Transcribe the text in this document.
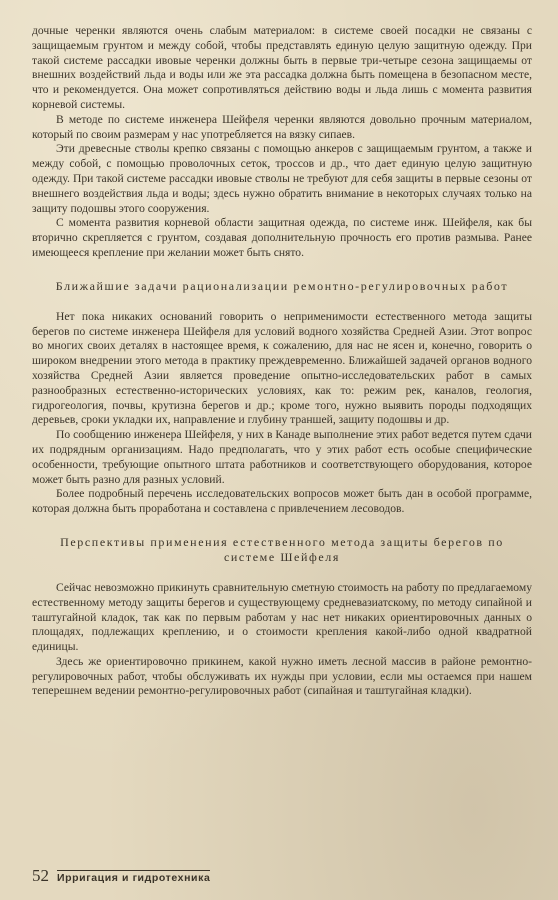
дочные черенки являются очень слабым материалом: в системе своей посадки не связаны с защищаемым грунтом и между собой, чтобы представлять единую целую защитную одежду. При такой системе рассадки ивовые черенки должны быть в первые три-четыре сезона защищаемы от внешних воздействий льда и воды или же эта рассадка должна быть помещена в безопасном месте, что и рекомендуется. Она может сопротивляться действию воды и льда лишь с момента развития корневой системы.

В методе по системе инженера Шейфеля черенки являются довольно прочным материалом, который по своим размерам у нас употребляется на вязку сипаев.

Эти древесные стволы крепко связаны с помощью анкеров с защищаемым грунтом, а также и между собой, с помощью проволочных сеток, троссов и др., что дает единую целую защитную одежду. При такой системе рассадки ивовые стволы не требуют для себя защиты в первые сезоны от внешнего воздействия льда и воды; здесь нужно обратить внимание в некоторых случаях только на защиту подошвы этого сооружения.

С момента развития корневой области защитная одежда, по системе инж. Шейфеля, как бы вторично скрепляется с грунтом, создавая дополнительную прочность его против размыва. Ранее имеющееся крепление при желании может быть снято.

Ближайшие задачи рационализации ремонтно-регулировочных работ

Нет пока никаких оснований говорить о неприменимости естественного метода защиты берегов по системе инженера Шейфеля для условий водного хозяйства Средней Азии. Этот вопрос во многих своих деталях в настоящее время, к сожалению, для нас не ясен и, конечно, говорить о широком внедрении этого метода в практику преждевременно. Ближайшей задачей органов водного хозяйства Средней Азии является проведение опытно-исследовательских работ в самых разнообразных естественно-исторических условиях, как то: режим рек, каналов, геология, гидрогеология, почвы, крутизна берегов и др.; кроме того, нужно выявить породы подходящих деревьев, сроки укладки их, направление и глубину траншей, защиту подошвы и др.

По сообщению инженера Шейфеля, у них в Канаде выполнение этих работ ведется путем сдачи их подрядным организациям. Надо предполагать, что у этих работ есть особые специфические особенности, требующие опытного штата работников и соответствующего оборудования, которое может быть разно для разных условий.

Более подробный перечень исследовательских вопросов может быть дан в особой программе, которая должна быть проработана и составлена с привлечением лесоводов.

Перспективы применения естественного метода защиты берегов по системе Шейфеля

Сейчас невозможно прикинуть сравнительную сметную стоимость на работу по предлагаемому естественному методу защиты берегов и существующему средневазиатскому, по методу сипайной и таштугайной кладок, так как по первым работам у нас нет никаких ориентировочных данных о площадях, подлежащих креплению, и о стоимости крепления какой-либо одной квадратной единицы.

Здесь же ориентировочно прикинем, какой нужно иметь лесной массив в районе ремонтно-регулировочных работ, чтобы обслуживать их нужды при условии, если мы остаемся при нашем теперешнем ведении ремонтно-регулировочных работ (сипайная и таштугайная кладки).

52 Ирригация и гидротехника
